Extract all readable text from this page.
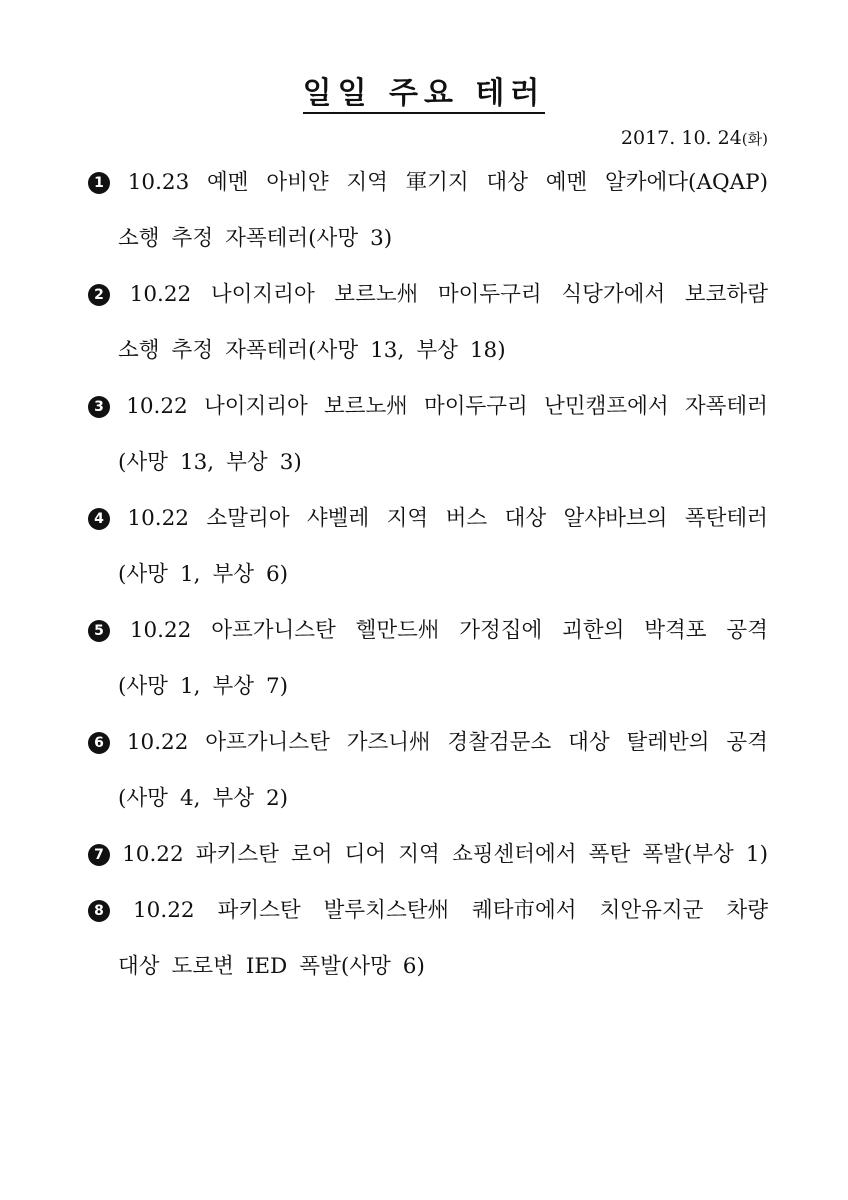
일일 주요 테러
2017. 10. 24(화)
1 10.23 예멘 아비얀 지역 軍기지 대상 예멘 알카에다(AQAP)
소행 추정 자폭테러(사망 3)
2 10.22 나이지리아 보르노州 마이두구리 식당가에서 보코하람
소행 추정 자폭테러(사망 13, 부상 18)
3 10.22 나이지리아 보르노州 마이두구리 난민캠프에서 자폭테러
(사망 13, 부상 3)
4 10.22 소말리아 샤벨레 지역 버스 대상 알샤바브의 폭탄테러
(사망 1, 부상 6)
5 10.22 아프가니스탄 헬만드州 가정집에 괴한의 박격포 공격
(사망 1, 부상 7)
6 10.22 아프가니스탄 가즈니州 경찰검문소 대상 탈레반의 공격
(사망 4, 부상 2)
7 10.22 파키스탄 로어 디어 지역 쇼핑센터에서 폭탄 폭발(부상 1)
8 10.22 파키스탄 발루치스탄州 퀘타市에서 치안유지군 차량
대상 도로변 IED 폭발(사망 6)
